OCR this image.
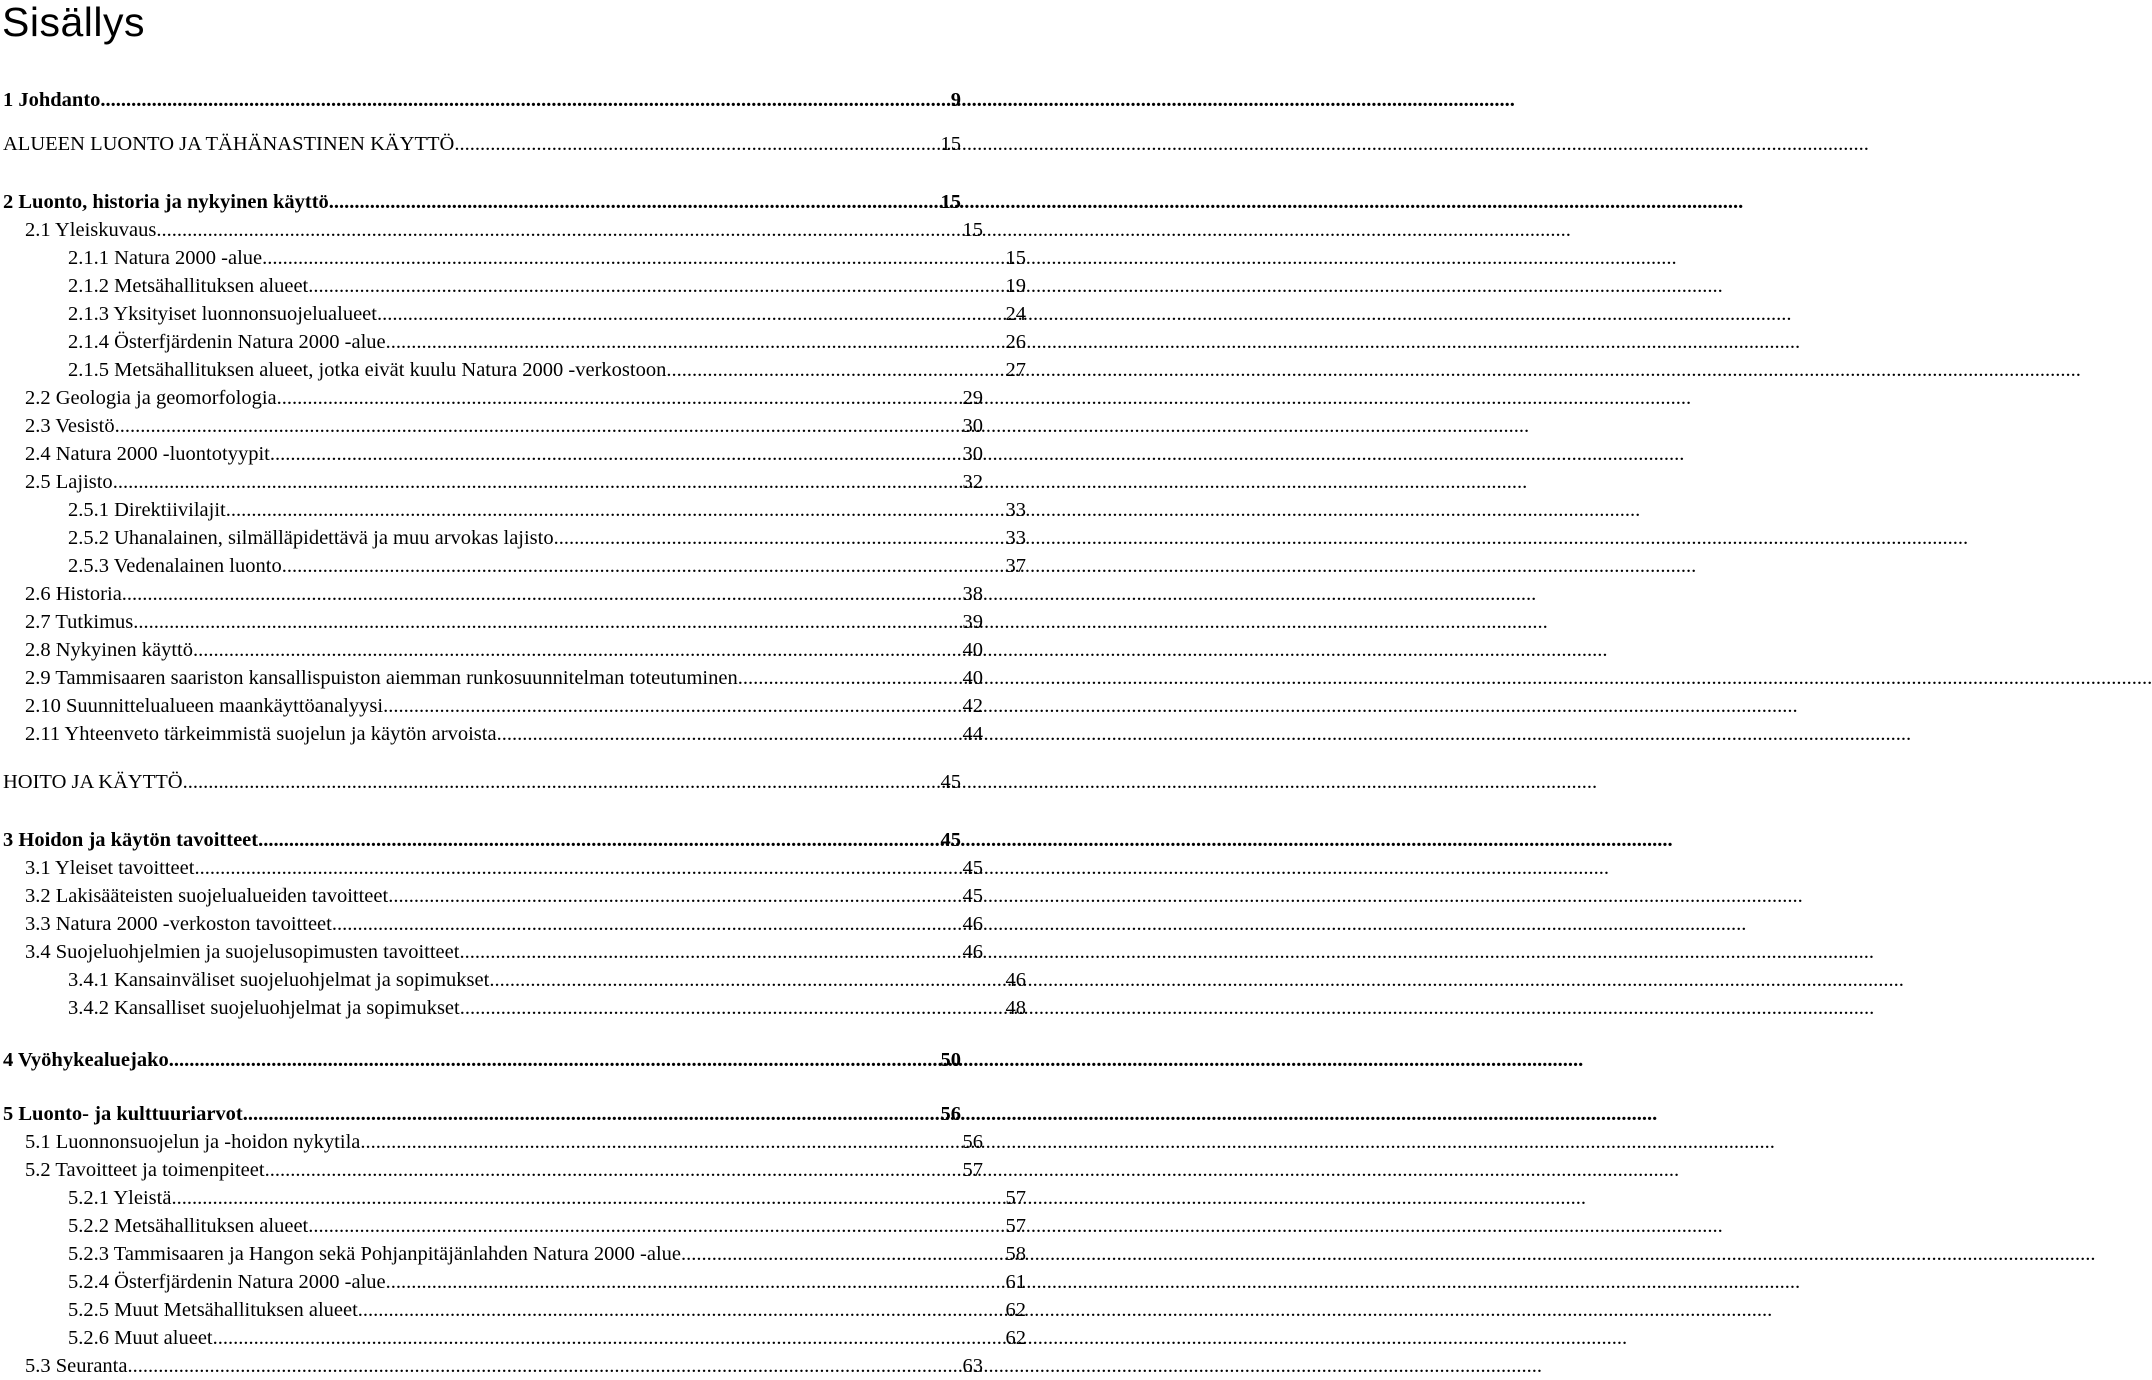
Sisällys
1 Johdanto .....	9
ALUEEN LUONTO JA TÄHÄNASTINEN KÄYTTÖ .....	15
2 Luonto, historia ja nykyinen käyttö .....	15
2.1 Yleiskuvaus .....	15
2.1.1 Natura 2000 -alue .....	15
2.1.2 Metsähallituksen alueet .....	19
2.1.3 Yksityiset luonnonsuojelualueet .....	24
2.1.4 Österfjärdenin Natura 2000 -alue .....	26
2.1.5 Metsähallituksen alueet, jotka eivät kuulu Natura 2000 -verkostoon .....	27
2.2 Geologia ja geomorfologia .....	29
2.3 Vesistö .....	30
2.4 Natura 2000 -luontotyypit .....	30
2.5 Lajisto .....	32
2.5.1 Direktiivilajit .....	33
2.5.2 Uhanalainen, silmälläpidettävä ja muu arvokas lajisto .....	33
2.5.3 Vedenalainen luonto .....	37
2.6 Historia .....	38
2.7 Tutkimus .....	39
2.8 Nykyinen käyttö .....	40
2.9 Tammisaaren saariston kansallispuiston aiemman runkosuunnitelman toteutuminen .....	40
2.10 Suunnittelualueen maankäyttöanalyysi .....	42
2.11 Yhteenveto tärkeimmistä suojelun ja käytön arvoista .....	44
HOITO JA KÄYTTÖ .....	45
3 Hoidon ja käytön tavoitteet .....	45
3.1 Yleiset tavoitteet .....	45
3.2 Lakisääteisten suojelualueiden tavoitteet .....	45
3.3 Natura 2000 -verkoston tavoitteet .....	46
3.4 Suojeluohjelmien ja suojelusopimusten tavoitteet .....	46
3.4.1 Kansainväliset suojeluohjelmat ja sopimukset .....	46
3.4.2 Kansalliset suojeluohjelmat ja sopimukset .....	48
4 Vyöhykealuejako .....	50
5 Luonto- ja kulttuuriarvot .....	56
5.1 Luonnonsuojelun ja -hoidon nykytila .....	56
5.2 Tavoitteet ja toimenpiteet .....	57
5.2.1 Yleistä .....	57
5.2.2 Metsähallituksen alueet .....	57
5.2.3 Tammisaaren ja Hangon sekä Pohjanpitäjänlahden Natura 2000 -alue .....	58
5.2.4 Österfjärdenin Natura 2000 -alue .....	61
5.2.5 Muut Metsähallituksen alueet .....	62
5.2.6 Muut alueet .....	62
5.3 Seuranta .....	63
